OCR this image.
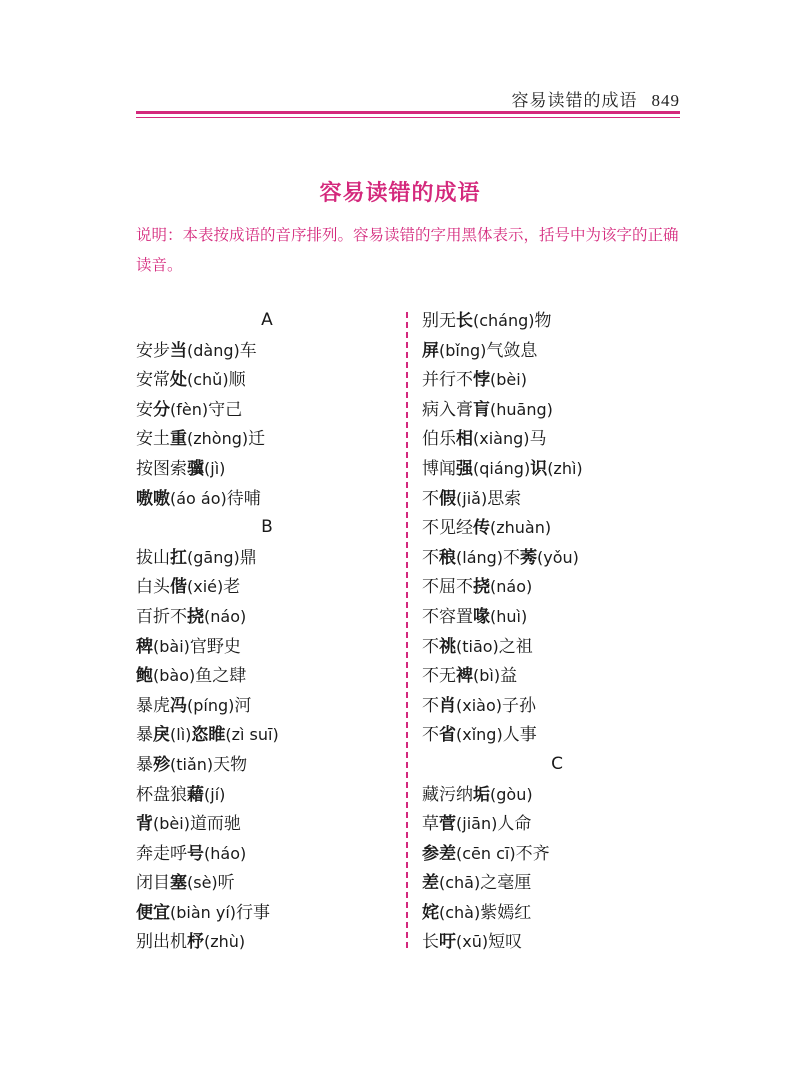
容易读错的成语 849
容易读错的成语
说明：本表按成语的音序排列。容易读错的字用黑体表示，括号中为该字的正确读音。
A
安步当(dàng)车
安常处(chǔ)顺
安分(fèn)守己
安土重(zhòng)迁
按图索骥(jì)
嗷嗷(áo áo)待哺
B
拔山扛(gāng)鼎
白头偕(xié)老
百折不挠(náo)
稗(bài)官野史
鲍(bào)鱼之肆
暴虎冯(píng)河
暴戾(lì)恣睢(zì suī)
暴殄(tiǎn)天物
杯盘狼藉(jí)
背(bèi)道而驰
奔走呼号(háo)
闭目塞(sè)听
便宜(biàn yí)行事
别出机杼(zhù)
别无长(cháng)物
屏(bǐng)气敛息
并行不悖(bèi)
病入膏肓(huāng)
伯乐相(xiàng)马
博闻强(qiáng)识(zhì)
不假(jiǎ)思索
不见经传(zhuàn)
不稂(láng)不莠(yǒu)
不屈不挠(náo)
不容置喙(huì)
不祧(tiāo)之祖
不无裨(bì)益
不肖(xiào)子孙
不省(xǐng)人事
C
藏污纳垢(gòu)
草菅(jiān)人命
参差(cēn cī)不齐
差(chā)之毫厘
姹(chà)紫嫣红
长吁(xū)短叹
